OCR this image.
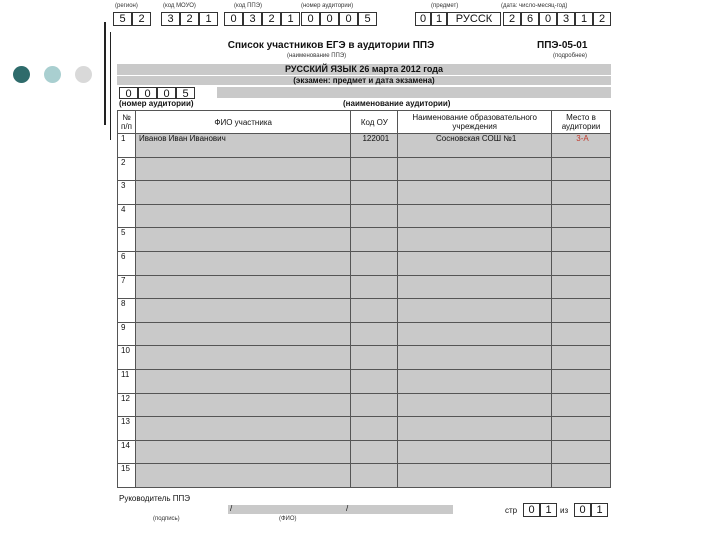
5	2	3	2	1	0	3	2	1	0	0	0	5	0 1	РУССК	2	6	0	3	1	2
(регион)	(код МОУО)	(код ППЭ)	(номер аудитории)	(предмет)	(дата: число-месяц-год)
Список участников ЕГЭ в аудитории ППЭ	ППЭ-05-01
(наименование ППЭ)	(подробнее)
РУССКИЙ ЯЗЫК 26 марта 2012 года
(экзамен: предмет и дата экзамена)
0	0	0	5
(номер аудитории)	(наименование аудитории)
№ п/п	ФИО участника	Код ОУ	Наименование образовательного учреждения	Место в аудитории
1	Иванов Иван Иванович	122001	Сосновская СОШ №1	3-А
2				
3				
4				
5				
6				
7				
8				
9				
10				
11				
12				
13				
14				
15				
Руководитель ППЭ
/	/
(подпись)	(ФИО)
стр	из
0 1	0 1
